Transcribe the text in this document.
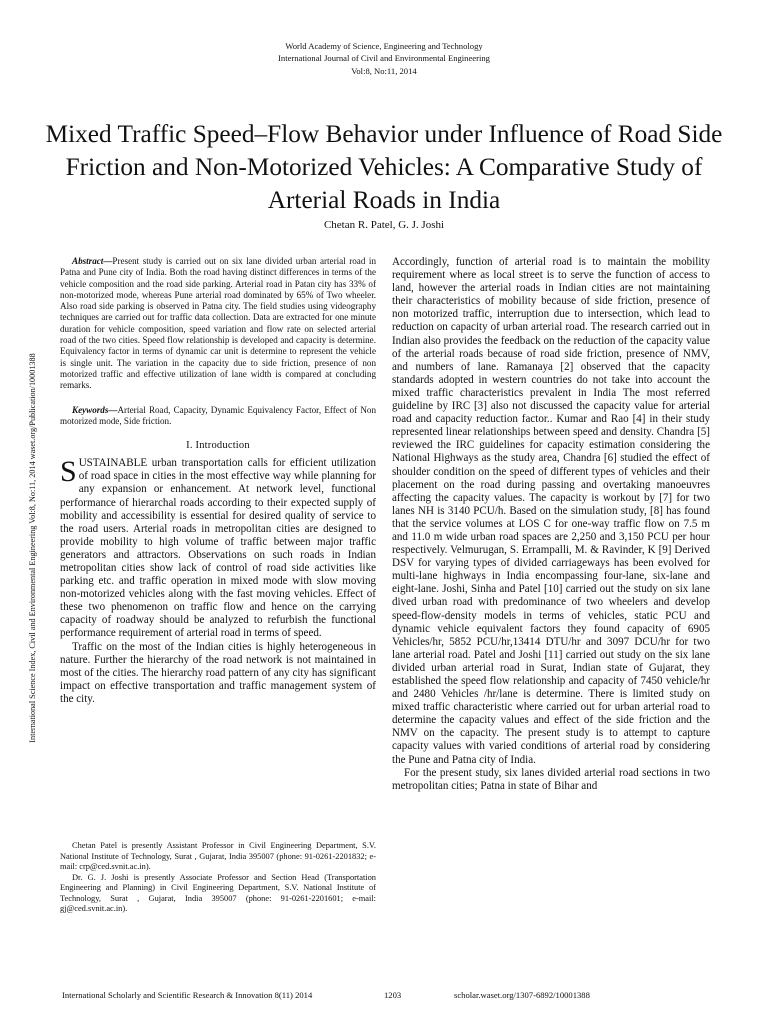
World Academy of Science, Engineering and Technology
International Journal of Civil and Environmental Engineering
Vol:8, No:11, 2014
Mixed Traffic Speed–Flow Behavior under Influence of Road Side Friction and Non-Motorized Vehicles: A Comparative Study of Arterial Roads in India
Chetan R. Patel, G. J. Joshi
International Science Index, Civil and Environmental Engineering Vol:8, No:11, 2014 waset.org/Publication/10001388

Abstract—Present study is carried out on six lane divided urban arterial road in Patna and Pune city of India. Both the road having distinct differences in terms of the vehicle composition and the road side parking. Arterial road in Patan city has 33% of non-motorized mode, whereas Pune arterial road dominated by 65% of Two wheeler. Also road side parking is observed in Patna city. The field studies using videography techniques are carried out for traffic data collection. Data are extracted for one minute duration for vehicle composition, speed variation and flow rate on selected arterial road of the two cities. Speed flow relationship is developed and capacity is determine. Equivalency factor in terms of dynamic car unit is determine to represent the vehicle is single unit. The variation in the capacity due to side friction, presence of non motorized traffic and effective utilization of lane width is compared at concluding remarks.

Keywords—Arterial Road, Capacity, Dynamic Equivalency Factor, Effect of Non motorized mode, Side friction.

I. Introduction

SUSTAINABLE urban transportation calls for efficient utilization of road space in cities in the most effective way while planning for any expansion or enhancement. At network level, functional performance of hierarchal roads according to their expected supply of mobility and accessibility is essential for desired quality of service to the road users. Arterial roads in metropolitan cities are designed to provide mobility to high volume of traffic between major traffic generators and attractors. Observations on such roads in Indian metropolitan cities show lack of control of road side activities like parking etc. and traffic operation in mixed mode with slow moving non-motorized vehicles along with the fast moving vehicles. Effect of these two phenomenon on traffic flow and hence on the carrying capacity of roadway should be analyzed to refurbish the functional performance requirement of arterial road in terms of speed.

Traffic on the most of the Indian cities is highly heterogeneous in nature. Further the hierarchy of the road network is not maintained in most of the cities. The hierarchy road pattern of any city has significant impact on effective transportation and traffic management system of the city.

Chetan Patel is presently Assistant Professor in Civil Engineering Department, S.V. National Institute of Technology, Surat , Gujarat, India 395007 (phone: 91-0261-2201832; e-mail: crp@ced.svnit.ac.in).

Dr. G. J. Joshi is presently Associate Professor and Section Head (Transportation Engineering and Planning) in Civil Engineering Department, S.V. National Institute of Technology, Surat , Gujarat, India 395007 (phone: 91-0261-2201601; e-mail: gj@ced.svnit.ac.in).

Accordingly, function of arterial road is to maintain the mobility requirement where as local street is to serve the function of access to land, however the arterial roads in Indian cities are not maintaining their characteristics of mobility because of side friction, presence of non motorized traffic, interruption due to intersection, which lead to reduction on capacity of urban arterial road. The research carried out in Indian also provides the feedback on the reduction of the capacity value of the arterial roads because of road side friction, presence of NMV, and numbers of lane. Ramanaya [2] observed that the capacity standards adopted in western countries do not take into account the mixed traffic characteristics prevalent in India The most referred guideline by IRC [3] also not discussed the capacity value for arterial road and capacity reduction factor.. Kumar and Rao [4] in their study represented linear relationships between speed and density. Chandra [5] reviewed the IRC guidelines for capacity estimation considering the National Highways as the study area, Chandra [6] studied the effect of shoulder condition on the speed of different types of vehicles and their placement on the road during passing and overtaking manoeuvres affecting the capacity values. The capacity is workout by [7] for two lanes NH is 3140 PCU/h. Based on the simulation study, [8] has found that the service volumes at LOS C for one-way traffic flow on 7.5 m and 11.0 m wide urban road spaces are 2,250 and 3,150 PCU per hour respectively. Velmurugan, S. Errampalli, M. & Ravinder, K [9] Derived DSV for varying types of divided carriageways has been evolved for multi-lane highways in India encompassing four-lane, six-lane and eight-lane. Joshi, Sinha and Patel [10] carried out the study on six lane dived urban road with predominance of two wheelers and develop speed-flow-density models in terms of vehicles, static PCU and dynamic vehicle equivalent factors they found capacity of 6905 Vehicles/hr, 5852 PCU/hr,13414 DTU/hr and 3097 DCU/hr for two lane arterial road. Patel and Joshi [11] carried out study on the six lane divided urban arterial road in Surat, Indian state of Gujarat, they established the speed flow relationship and capacity of 7450 vehicle/hr and 2480 Vehicles /hr/lane is determine. There is limited study on mixed traffic characteristic where carried out for urban arterial road to determine the capacity values and effect of the side friction and the NMV on the capacity. The present study is to attempt to capture capacity values with varied conditions of arterial road by considering the Pune and Patna city of India.

For the present study, six lanes divided arterial road sections in two metropolitan cities; Patna in state of Bihar and

International Scholarly and Scientific Research & Innovation 8(11) 2014	1203	scholar.waset.org/1307-6892/10001388
